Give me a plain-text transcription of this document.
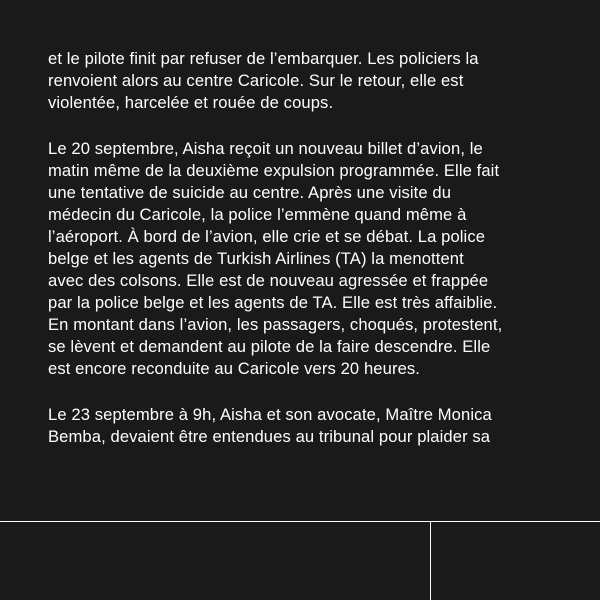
et le pilote finit par refuser de l’embarquer. Les policiers la
renvoient alors au centre Caricole. Sur le retour, elle est
violentée, harcelée et rouée de coups.

Le 20 septembre, Aisha reçoit un nouveau billet d’avion, le
matin même de la deuxième expulsion programmée. Elle fait
une tentative de suicide au centre. Après une visite du
médecin du Caricole, la police l’emmène quand même à
l’aéroport. À bord de l’avion, elle crie et se débat. La police
belge et les agents de Turkish Airlines (TA) la menottent
avec des colsons. Elle est de nouveau agressée et frappée
par la police belge et les agents de TA. Elle est très affaiblie.
En montant dans l’avion, les passagers, choqués, protestent,
se lèvent et demandent au pilote de la faire descendre. Elle
est encore reconduite au Caricole vers 20 heures.

Le 23 septembre à 9h, Aisha et son avocate, Maître Monica
Bemba, devaient être entendues au tribunal pour plaider sa
